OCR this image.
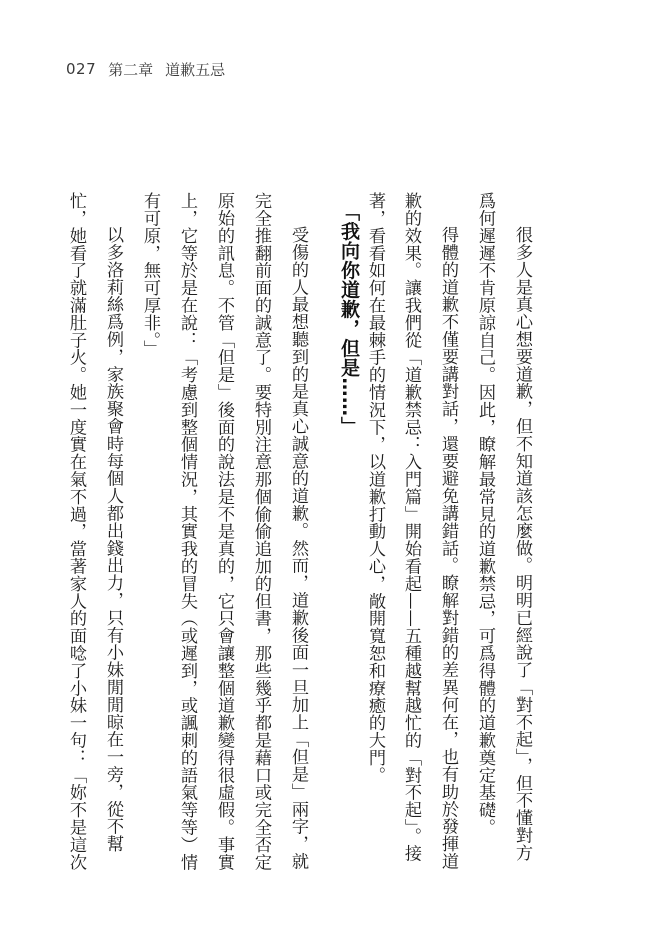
027 第二章 道歉五忌
很多人是真心想要道歉，但不知道該怎麼做。明明已經說了「對不起」，但不懂對方
爲何遲遲不肯原諒自己。因此，瞭解最常見的道歉禁忌，可爲得體的道歉奠定基礎。
得體的道歉不僅要講對話，還要避免講錯話。瞭解對錯的差異何在，也有助於發揮道
歉的效果。讓我們從「道歉禁忌：入門篇」開始看起——五種越幫越忙的「對不起」。接
著，看看如何在最棘手的情況下，以道歉打動人心，敞開寬恕和療癒的大門。
「我向你道歉，但是……」
受傷的人最想聽到的是真心誠意的道歉。然而，道歉後面一旦加上「但是」兩字，就
完全推翻前面的誠意了。要特別注意那個偷偷追加的但書，那些幾乎都是藉口或完全否定
原始的訊息。不管「但是」後面的說法是不是真的，它只會讓整個道歉變得很虛假。事實
上，它等於是在說：「考慮到整個情況，其實我的冒失（或遲到，或諷刺的語氣等等）情
有可原，無可厚非。」
以多洛莉絲爲例，家族聚會時每個人都出錢出力，只有小妹閒閒晾在一旁，從不幫
忙，她看了就滿肚子火。她一度實在氣不過，當著家人的面唸了小妹一句：「妳不是這次
